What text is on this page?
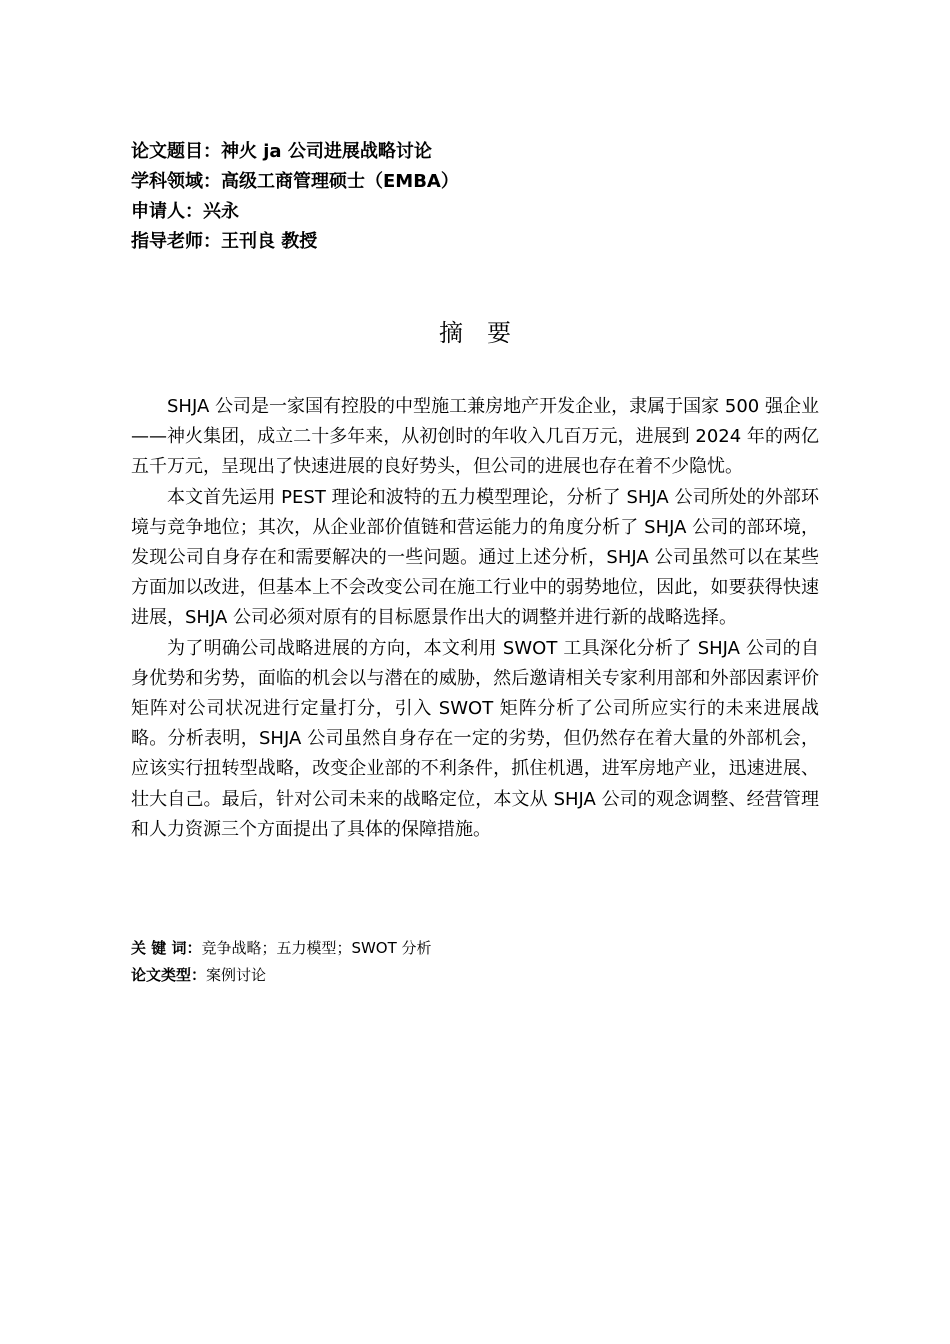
论文题目：神火 ja 公司进展战略讨论
学科领域：高级工商管理硕士（EMBA）
申请人：兴永
指导老师：王刊良 教授
摘　要

SHJA 公司是一家国有控股的中型施工兼房地产开发企业，隶属于国家 500 强企业——神火集团，成立二十多年来，从初创时的年收入几百万元，进展到 2024 年的两亿五千万元，呈现出了快速进展的良好势头，但公司的进展也存在着不少隐忧。

本文首先运用 PEST 理论和波特的五力模型理论，分析了 SHJA 公司所处的外部环境与竞争地位；其次，从企业部价值链和营运能力的角度分析了 SHJA 公司的部环境，发现公司自身存在和需要解决的一些问题。通过上述分析，SHJA 公司虽然可以在某些方面加以改进，但基本上不会改变公司在施工行业中的弱势地位，因此，如要获得快速进展，SHJA 公司必须对原有的目标愿景作出大的调整并进行新的战略选择。

为了明确公司战略进展的方向，本文利用 SWOT 工具深化分析了 SHJA 公司的自身优势和劣势，面临的机会以与潜在的威胁，然后邀请相关专家利用部和外部因素评价矩阵对公司状况进行定量打分，引入 SWOT 矩阵分析了公司所应实行的未来进展战略。分析表明，SHJA 公司虽然自身存在一定的劣势，但仍然存在着大量的外部机会，应该实行扭转型战略，改变企业部的不利条件，抓住机遇，进军房地产业，迅速进展、壮大自己。最后，针对公司未来的战略定位，本文从 SHJA 公司的观念调整、经营管理和人力资源三个方面提出了具体的保障措施。

关 键 词：竞争战略；五力模型；SWOT 分析
论文类型：案例讨论
